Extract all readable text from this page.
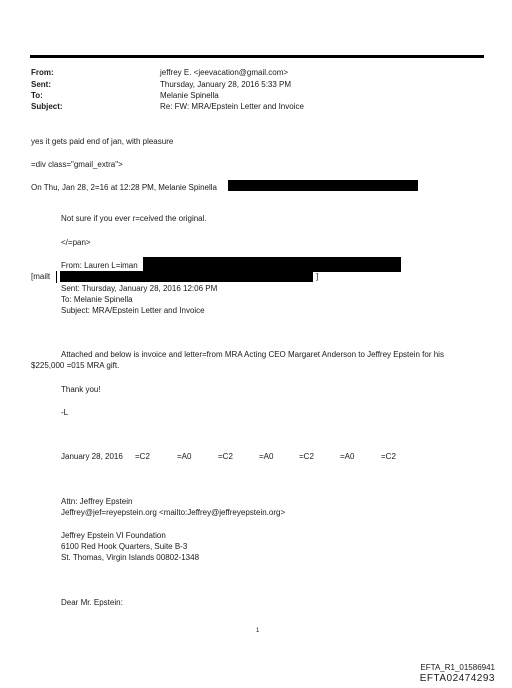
From:	jeffrey E. <jeevacation@gmail.com>
Sent:	Thursday, January 28, 2016 5:33 PM
To:	Melanie Spinella
Subject:	Re: FW: MRA/Epstein Letter and Invoice
yes it gets paid end of jan, with pleasure
=div class="gmail_extra">
On Thu, Jan 28, 2=16 at 12:28 PM, Melanie Spinella
Not sure if you ever r=ceived the original.
</=pan>
From: Lauren L=iman
[mailt	]
Sent: Thursday, January 28, 2016 12:06 PM
To: Melanie Spinella
Subject: MRA/Epstein Letter and Invoice
Attached and below is invoice and letter=from MRA Acting CEO Margaret Anderson to Jeffrey Epstein for his
$225,000 =015 MRA gift.
Thank you!
-L
January 28, 2016 =C2	=A0	=C2	=A0	=C2	=A0	=C2
Attn: Jeffrey Epstein
Jeffrey@jef=reyepstein.org <mailto:Jeffrey@jeffreyepstein.org>
Jeffrey Epstein VI Foundation
6100 Red Hook Quarters, Suite B-3
St. Thomas, Virgin Islands 00802-1348
Dear Mr. Epstein:
1
EFTA_R1_01586941
EFTA02474293
